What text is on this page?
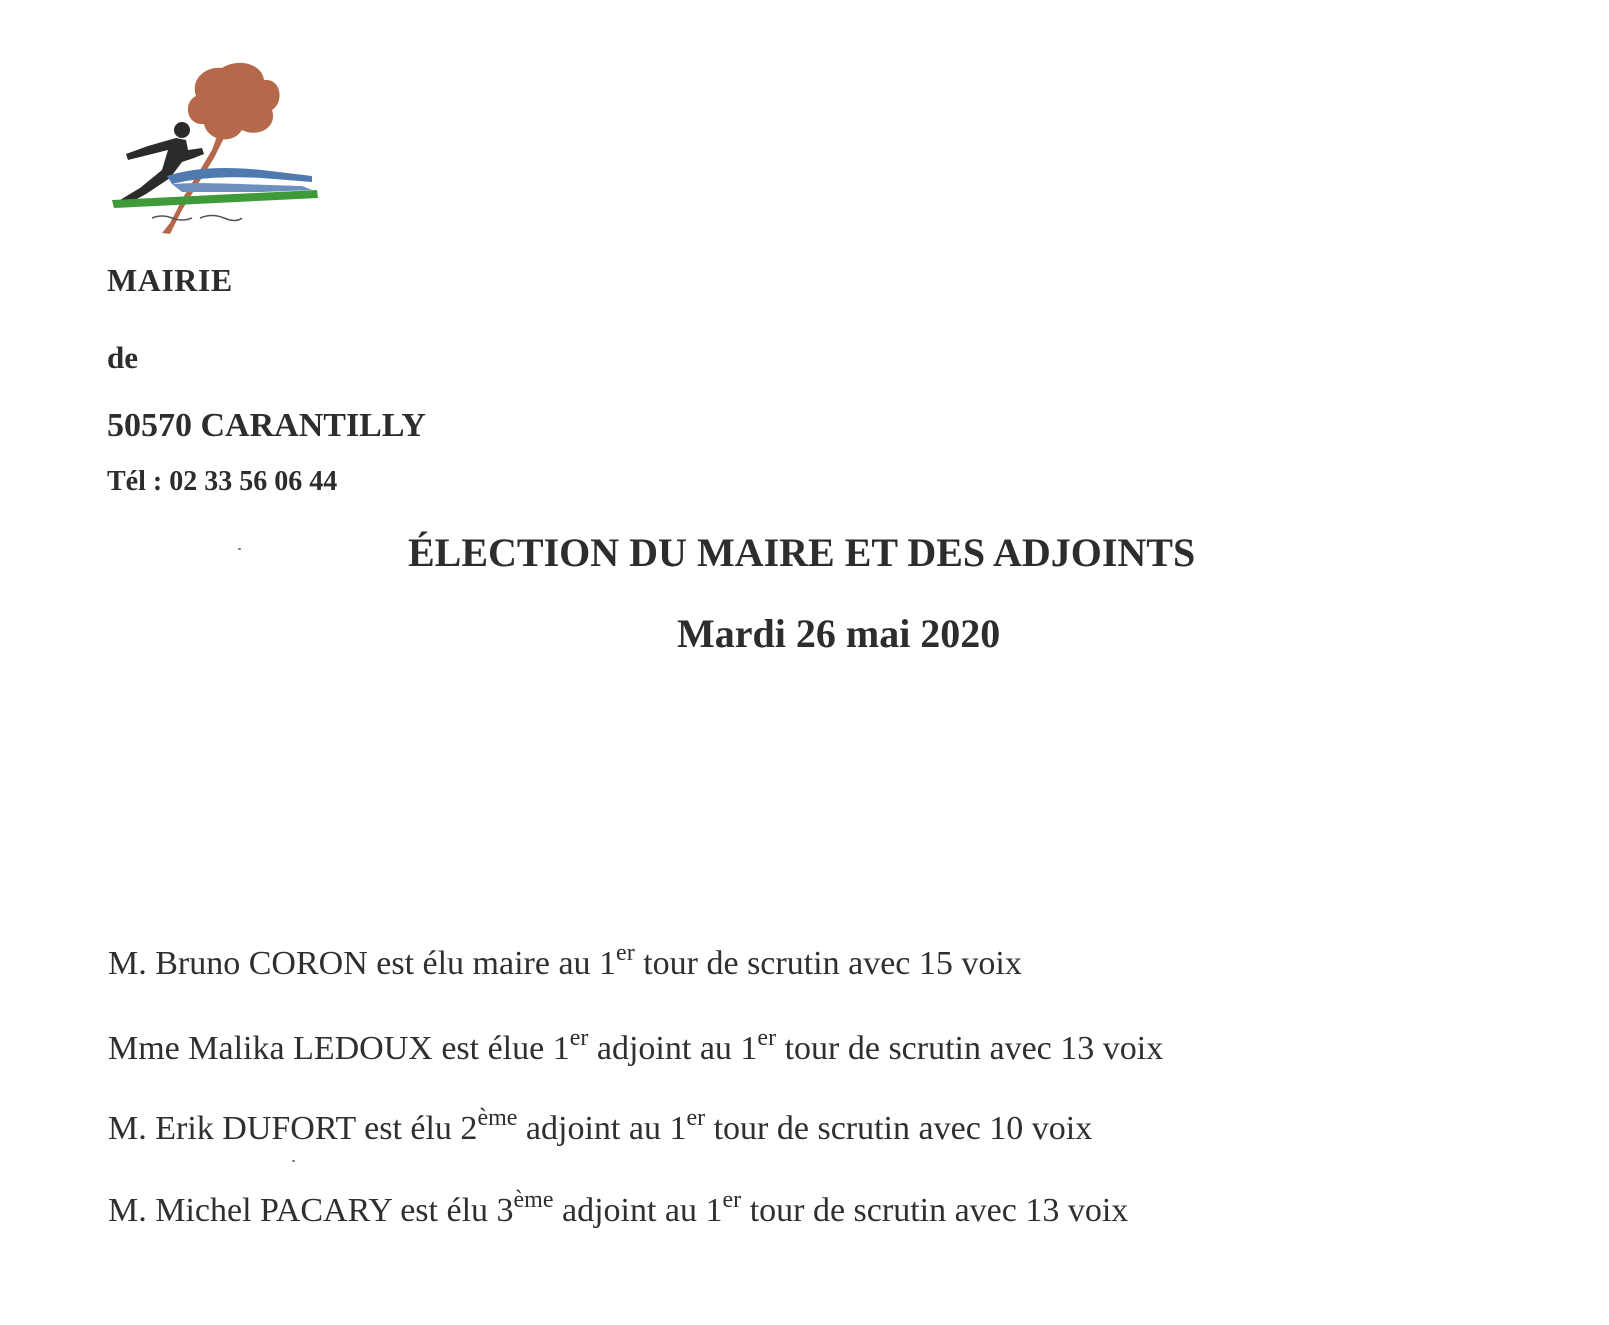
MAIRIE
de
50570 CARANTILLY
Tél : 02 33 56 06 44
ÉLECTION DU MAIRE ET DES ADJOINTS
Mardi 26 mai 2020
M. Bruno CORON est élu maire au 1er tour de scrutin avec 15 voix
Mme Malika LEDOUX est élue 1er adjoint au 1er tour de scrutin avec 13 voix
M. Erik DUFORT est élu 2ème adjoint au 1er tour de scrutin avec 10 voix
M. Michel PACARY est élu 3ème adjoint au 1er tour de scrutin avec 13 voix
